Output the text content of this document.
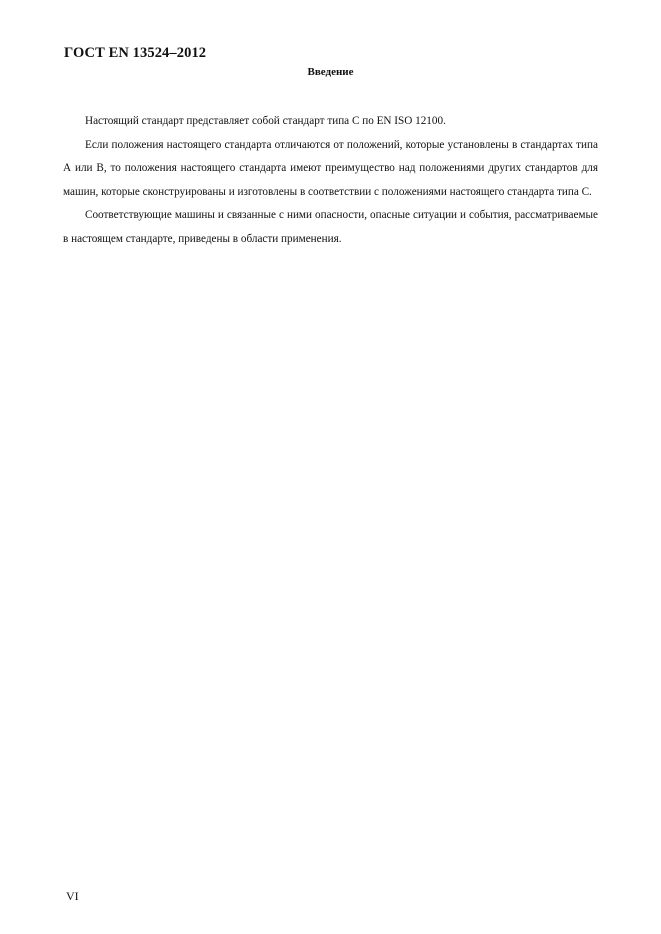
ГОСТ EN 13524–2012
Введение

Настоящий стандарт представляет собой стандарт типа С по EN ISO 12100.

Если положения настоящего стандарта отличаются от положений, которые установлены в стандартах типа А или В, то положения настоящего стандарта имеют преимущество над положениями других стандартов для машин, которые сконструированы и изготовлены в соответствии с положениями настоящего стандарта типа С.

Соответствующие машины и связанные с ними опасности, опасные ситуации и события, рассматриваемые в настоящем стандарте, приведены в области применения.

VI
